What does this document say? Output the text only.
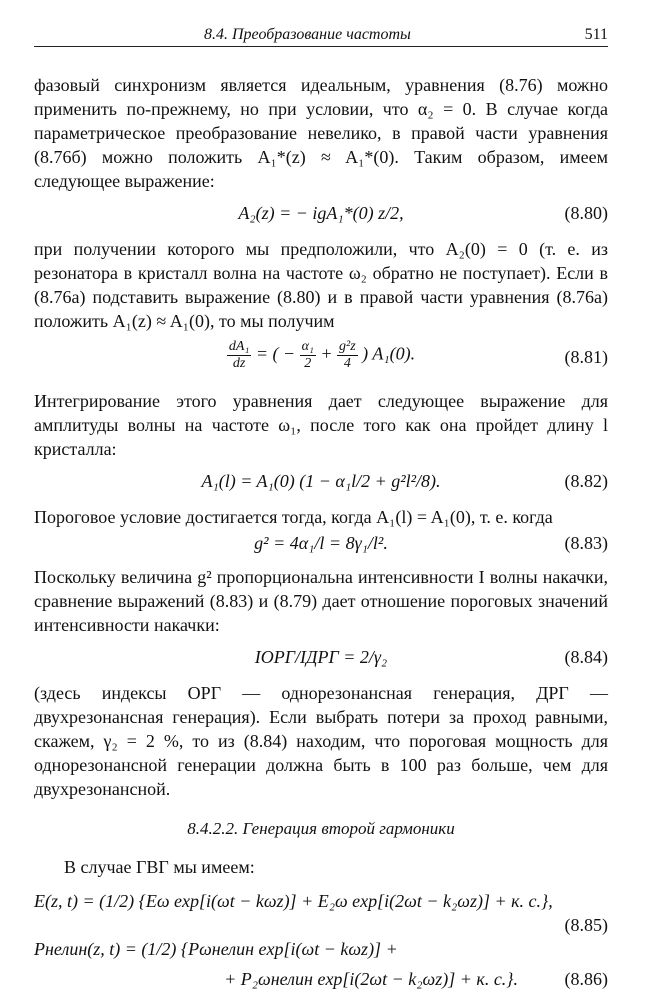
8.4. Преобразование частоты	511

фазовый синхронизм является идеальным, уравнения (8.76) можно применить по-прежнему, но при условии, что α₂ = 0. В случае когда параметрическое преобразование невелико, в правой части уравнения (8.76б) можно положить A₁*(z) ≈ A₁*(0). Таким образом, имеем следующее выражение:

A₂(z) = − igA₁*(0) z/2,	(8.80)

при получении которого мы предположили, что A₂(0) = 0 (т. е. из резонатора в кристалл волна на частоте ω₂ обратно не поступает). Если в (8.76а) подставить выражение (8.80) и в правой части уравнения (8.76а) положить A₁(z) ≈ A₁(0), то мы получим

$\frac{\text{dA₁}}{dz}$ = ( − $\frac{\text{α₁}}{2} + \frac{\text{g²z}}{4}$ ) A₁(0).	(8.81)

Интегрирование этого уравнения дает следующее выражение для амплитуды волны на частоте ω₁, после того как она пройдет длину l кристалла:

A₁(l) = A₁(0) (1 − α₁l/2 + g²l²/8).	(8.82)

Пороговое условие достигается тогда, когда A₁(l) = A₁(0), т. е. когда

g² = 4α₁/l = 8γ₁/l².	(8.83)

Поскольку величина g² пропорциональна интенсивности I волны накачки, сравнение выражений (8.83) и (8.79) дает отношение пороговых значений интенсивности накачки:

IОРГ/IДРГ = 2/γ₂	(8.84)

(здесь индексы ОРГ — однорезонансная генерация, ДРГ — двухрезонансная генерация). Если выбрать потери за проход равными, скажем, γ₂ = 2 %, то из (8.84) находим, что пороговая мощность для однорезонансной генерации должна быть в 100 раз больше, чем для двухрезонансной.

8.4.2.2. Генерация второй гармоники

В случае ГВГ мы имеем:

E(z, t) = (1/2) {Eω exp[i(ωt − kωz)] + E₂ω exp[i(2ωt − k₂ωz)] + к. с.},
(8.85)
Pнелин(z, t) = (1/2) {Pωнелин exp[i(ωt − kωz)] +
+ P₂ωнелин exp[i(2ωt − k₂ωz)] + к. с.}.	(8.86)
